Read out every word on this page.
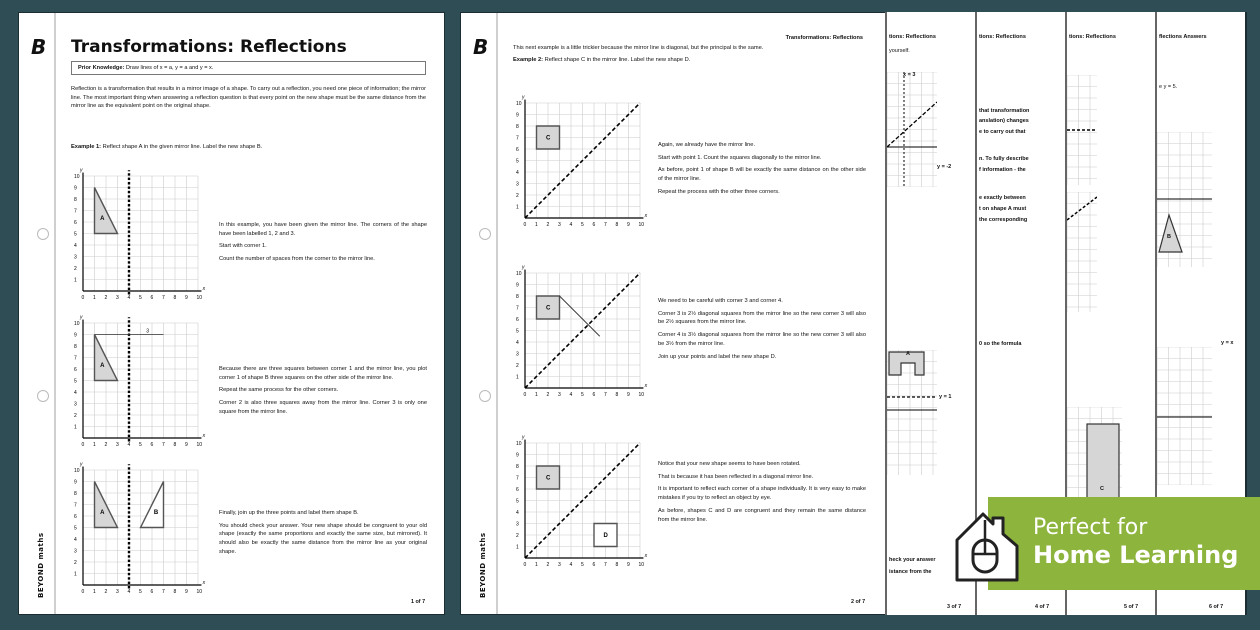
B
BEYOND maths
Transformations: Reflections
Prior Knowledge: Draw lines of x = a, y = a and y = x.
Reflection is a transformation that results in a mirror image of a shape. To carry out a reflection, you need one piece of information; the mirror line. The most important thing when answering a reflection question is that every point on the new shape must be the same distance from the mirror line as the equivalent point on the original shape.
Example 1: Reflect shape A in the given mirror line. Label the new shape B.
0 1
1
2
2
3
3
4
4
5
5
6
6
7
7
8
8
9
9
10
10
x
y
A
0 1
1
2
2
3
3
4
4
5
5
6
6
7
7
8
8
9
9
10
10
x
y
A
3
0 1
1
2
2
3
3
4
4
5
5
6
6
7
7
8
8
9
9
10
10
x
y
A	B

In this example, you have been given the mirror line. The corners of the shape have been labelled 1, 2 and 3.

Start with corner 1.

Count the number of spaces from the corner to the mirror line.

Because there are three squares between corner 1 and the mirror line, you plot corner 1 of shape B three squares on the other side of the mirror line.

Repeat the same process for the other corners.

Corner 2 is also three squares away from the mirror line. Corner 3 is only one square from the mirror line.

Finally, join up the three points and label them shape B.

You should check your answer. Your new shape should be congruent to your old shape (exactly the same proportions and exactly the same size, but mirrored). It should also be exactly the same distance from the mirror line as your original shape.

1 of 7
B
BEYOND maths
Transformations: Reflections
This next example is a little trickier because the mirror line is diagonal, but the principal is the same.
Example 2: Reflect shape C in the mirror line. Label the new shape D.
0 1
1
2
2
3
3
4
4
5
5
6
6
7
7
8
8
9
9
10
10
x
y
C
0 1
1
2
2
3
3
4
4
5
5
6
6
7
7
8
8
9
9
10
10
x
y
C
0 1
1
2
2
3
3
4
4
5
5
6
6
7
7
8
8
9
9
10
10
x
y
C
D

Again, we already have the mirror line.

Start with point 1. Count the squares diagonally to the mirror line.

As before, point 1 of shape B will be exactly the same distance on the other side of the mirror line.

Repeat the process with the other three corners.

We need to be careful with corner 3 and corner 4.

Corner 3 is 2½ diagonal squares from the mirror line so the new corner 3 will also be 2½ squares from the mirror line.

Corner 4 is 3½ diagonal squares from the mirror line so the new corner 3 will also be 3½ from the mirror line.

Join up your points and label the new shape D.

Notice that your new shape seems to have been rotated.

That is because it has been reflected in a diagonal mirror line.

It is important to reflect each corner of a shape individually. It is very easy to make mistakes if you try to reflect an object by eye.

As before, shapes C and D are congruent and they remain the same distance from the mirror line.

2 of 7
tions: Reflections
yourself.
x = 3
y = -2
A
y = 1
heck your answer
istance from the
3 of 7
tions: Reflections
that transformation
anslation) changes
e to carry out that
n. To fully describe
f information - the
e exactly between
t on shape A must
the corresponding
0 so the formula
4 of 7
tions: Reflections
C
5 of 7
flections Answers
e y = 5.
B
y = x
6 of 7
Perfect for
Home Learning
